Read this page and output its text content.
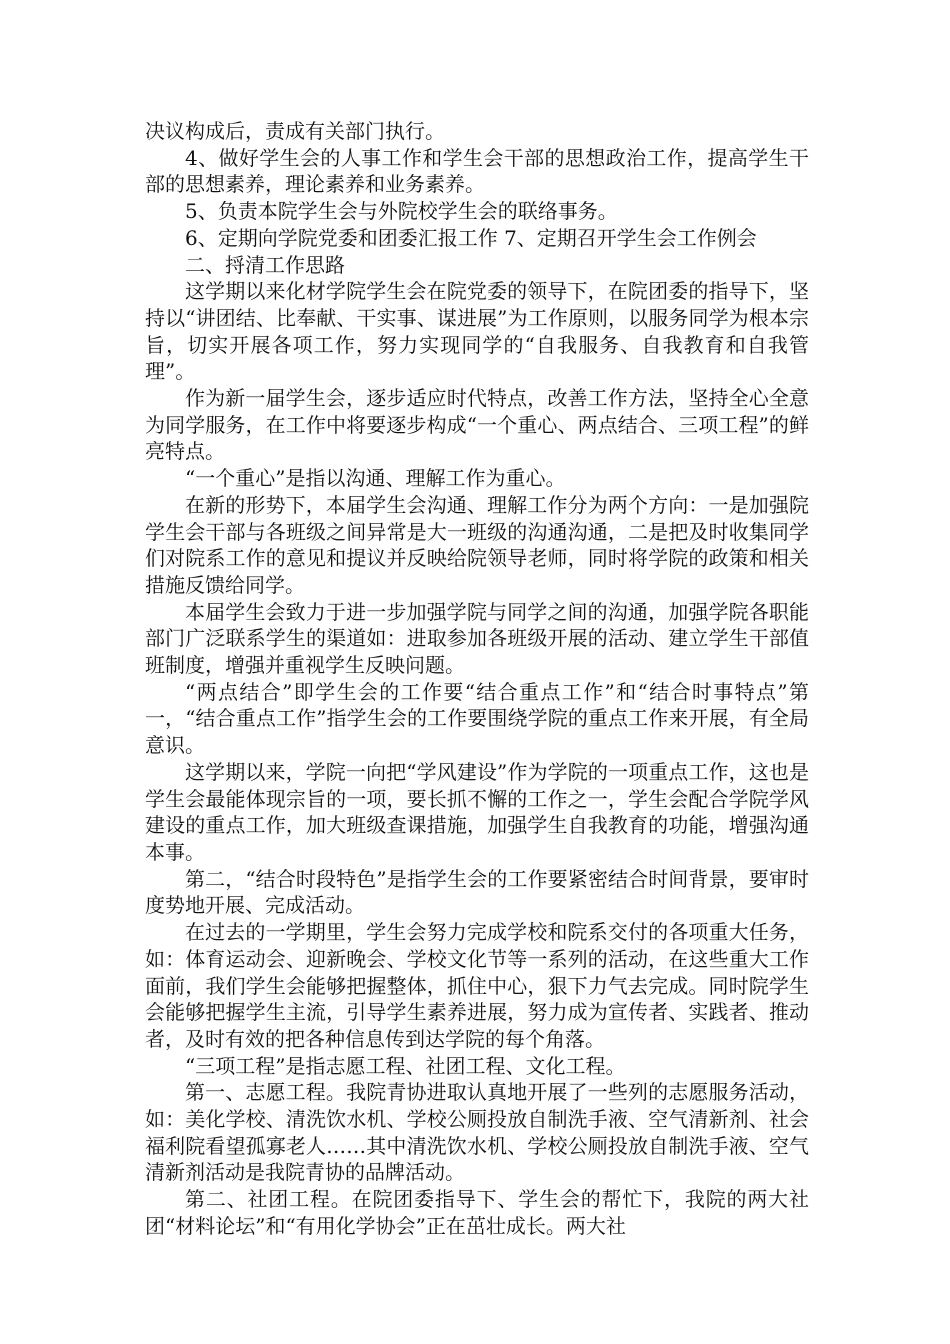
决议构成后，责成有关部门执行。

4、做好学生会的人事工作和学生会干部的思想政治工作，提高学生干部的思想素养，理论素养和业务素养。

5、负责本院学生会与外院校学生会的联络事务。

6、定期向学院党委和团委汇报工作 7、定期召开学生会工作例会

二、捋清工作思路

这学期以来化材学院学生会在院党委的领导下，在院团委的指导下，坚持以“讲团结、比奉献、干实事、谋进展”为工作原则，以服务同学为根本宗旨，切实开展各项工作，努力实现同学的“自我服务、自我教育和自我管理”。

作为新一届学生会，逐步适应时代特点，改善工作方法，坚持全心全意为同学服务，在工作中将要逐步构成“一个重心、两点结合、三项工程”的鲜亮特点。

“一个重心”是指以沟通、理解工作为重心。

在新的形势下，本届学生会沟通、理解工作分为两个方向：一是加强院学生会干部与各班级之间异常是大一班级的沟通沟通，二是把及时收集同学们对院系工作的意见和提议并反映给院领导老师，同时将学院的政策和相关措施反馈给同学。

本届学生会致力于进一步加强学院与同学之间的沟通，加强学院各职能部门广泛联系学生的渠道如：进取参加各班级开展的活动、建立学生干部值班制度，增强并重视学生反映问题。

“两点结合”即学生会的工作要“结合重点工作”和“结合时事特点”第一，“结合重点工作”指学生会的工作要围绕学院的重点工作来开展，有全局意识。

这学期以来，学院一向把“学风建设”作为学院的一项重点工作，这也是学生会最能体现宗旨的一项，要长抓不懈的工作之一，学生会配合学院学风建设的重点工作，加大班级查课措施，加强学生自我教育的功能，增强沟通本事。

第二，“结合时段特色”是指学生会的工作要紧密结合时间背景，要审时度势地开展、完成活动。

在过去的一学期里，学生会努力完成学校和院系交付的各项重大任务，如：体育运动会、迎新晚会、学校文化节等一系列的活动，在这些重大工作面前，我们学生会能够把握整体，抓住中心，狠下力气去完成。同时院学生会能够把握学生主流，引导学生素养进展，努力成为宣传者、实践者、推动者，及时有效的把各种信息传到达学院的每个角落。

“三项工程”是指志愿工程、社团工程、文化工程。

第一、志愿工程。我院青协进取认真地开展了一些列的志愿服务活动，如：美化学校、清洗饮水机、学校公厕投放自制洗手液、空气清新剂、社会福利院看望孤寡老人……其中清洗饮水机、学校公厕投放自制洗手液、空气清新剂活动是我院青协的品牌活动。

第二、社团工程。在院团委指导下、学生会的帮忙下，我院的两大社团“材料论坛”和“有用化学协会”正在茁壮成长。两大社
